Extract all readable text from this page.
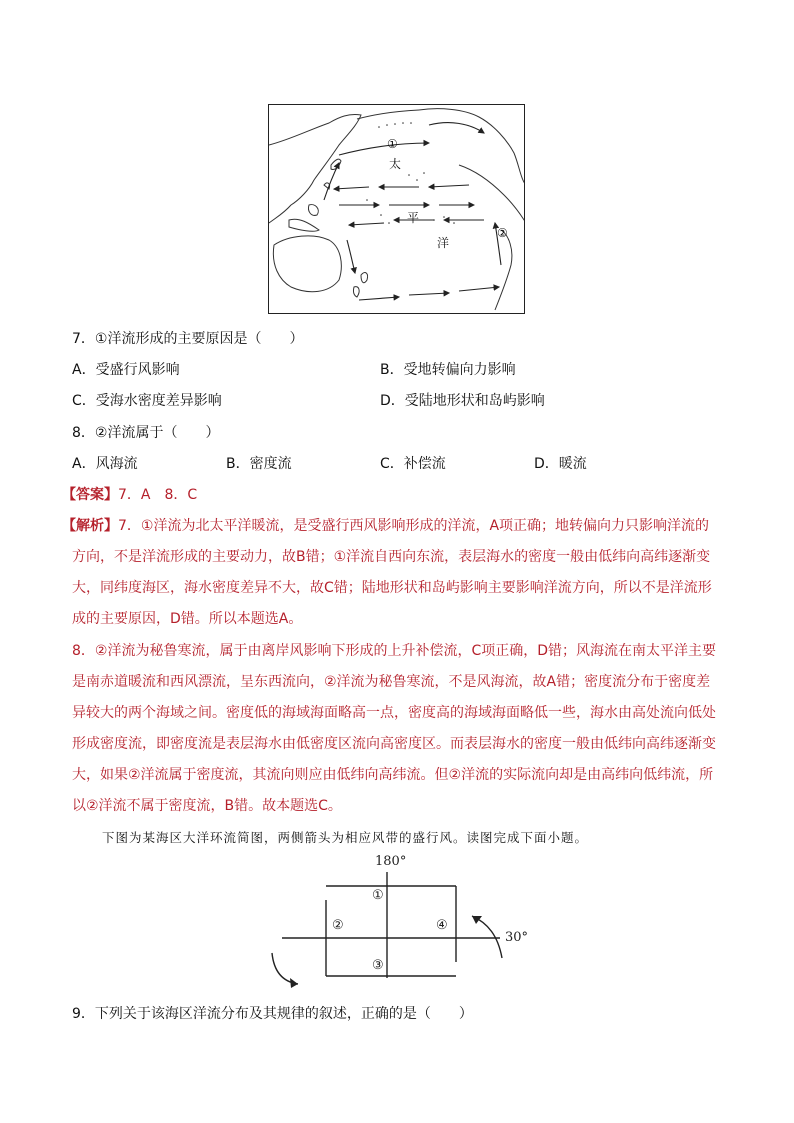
①
太
平
洋
②
7．①洋流形成的主要原因是（　　）
A．受盛行风影响	B．受地转偏向力影响
C．受海水密度差异影响	D．受陆地形状和岛屿影响
8．②洋流属于（　　）
A．风海流	B．密度流	C．补偿流	D．暖流
【答案】7．A　8．C
【解析】7．①洋流为北太平洋暖流，是受盛行西风影响形成的洋流，A项正确；地转偏向力只影响洋流的
方向，不是洋流形成的主要动力，故B错；①洋流自西向东流，表层海水的密度一般由低纬向高纬逐渐变
大，同纬度海区，海水密度差异不大，故C错；陆地形状和岛屿影响主要影响洋流方向，所以不是洋流形
成的主要原因，D错。所以本题选A。
8．②洋流为秘鲁寒流，属于由离岸风影响下形成的上升补偿流，C项正确，D错；风海流在南太平洋主要
是南赤道暖流和西风漂流，呈东西流向，②洋流为秘鲁寒流，不是风海流，故A错；密度流分布于密度差
异较大的两个海域之间。密度低的海域海面略高一点，密度高的海域海面略低一些，海水由高处流向低处
形成密度流，即密度流是表层海水由低密度区流向高密度区。而表层海水的密度一般由低纬向高纬逐渐变
大，如果②洋流属于密度流，其流向则应由低纬向高纬流。但②洋流的实际流向却是由高纬向低纬流，所
以②洋流不属于密度流，B错。故本题选C。
下图为某海区大洋环流简图，两侧箭头为相应风带的盛行风。读图完成下面小题。
180°
30°
①
②
③
④
9．下列关于该海区洋流分布及其规律的叙述，正确的是（　　）
